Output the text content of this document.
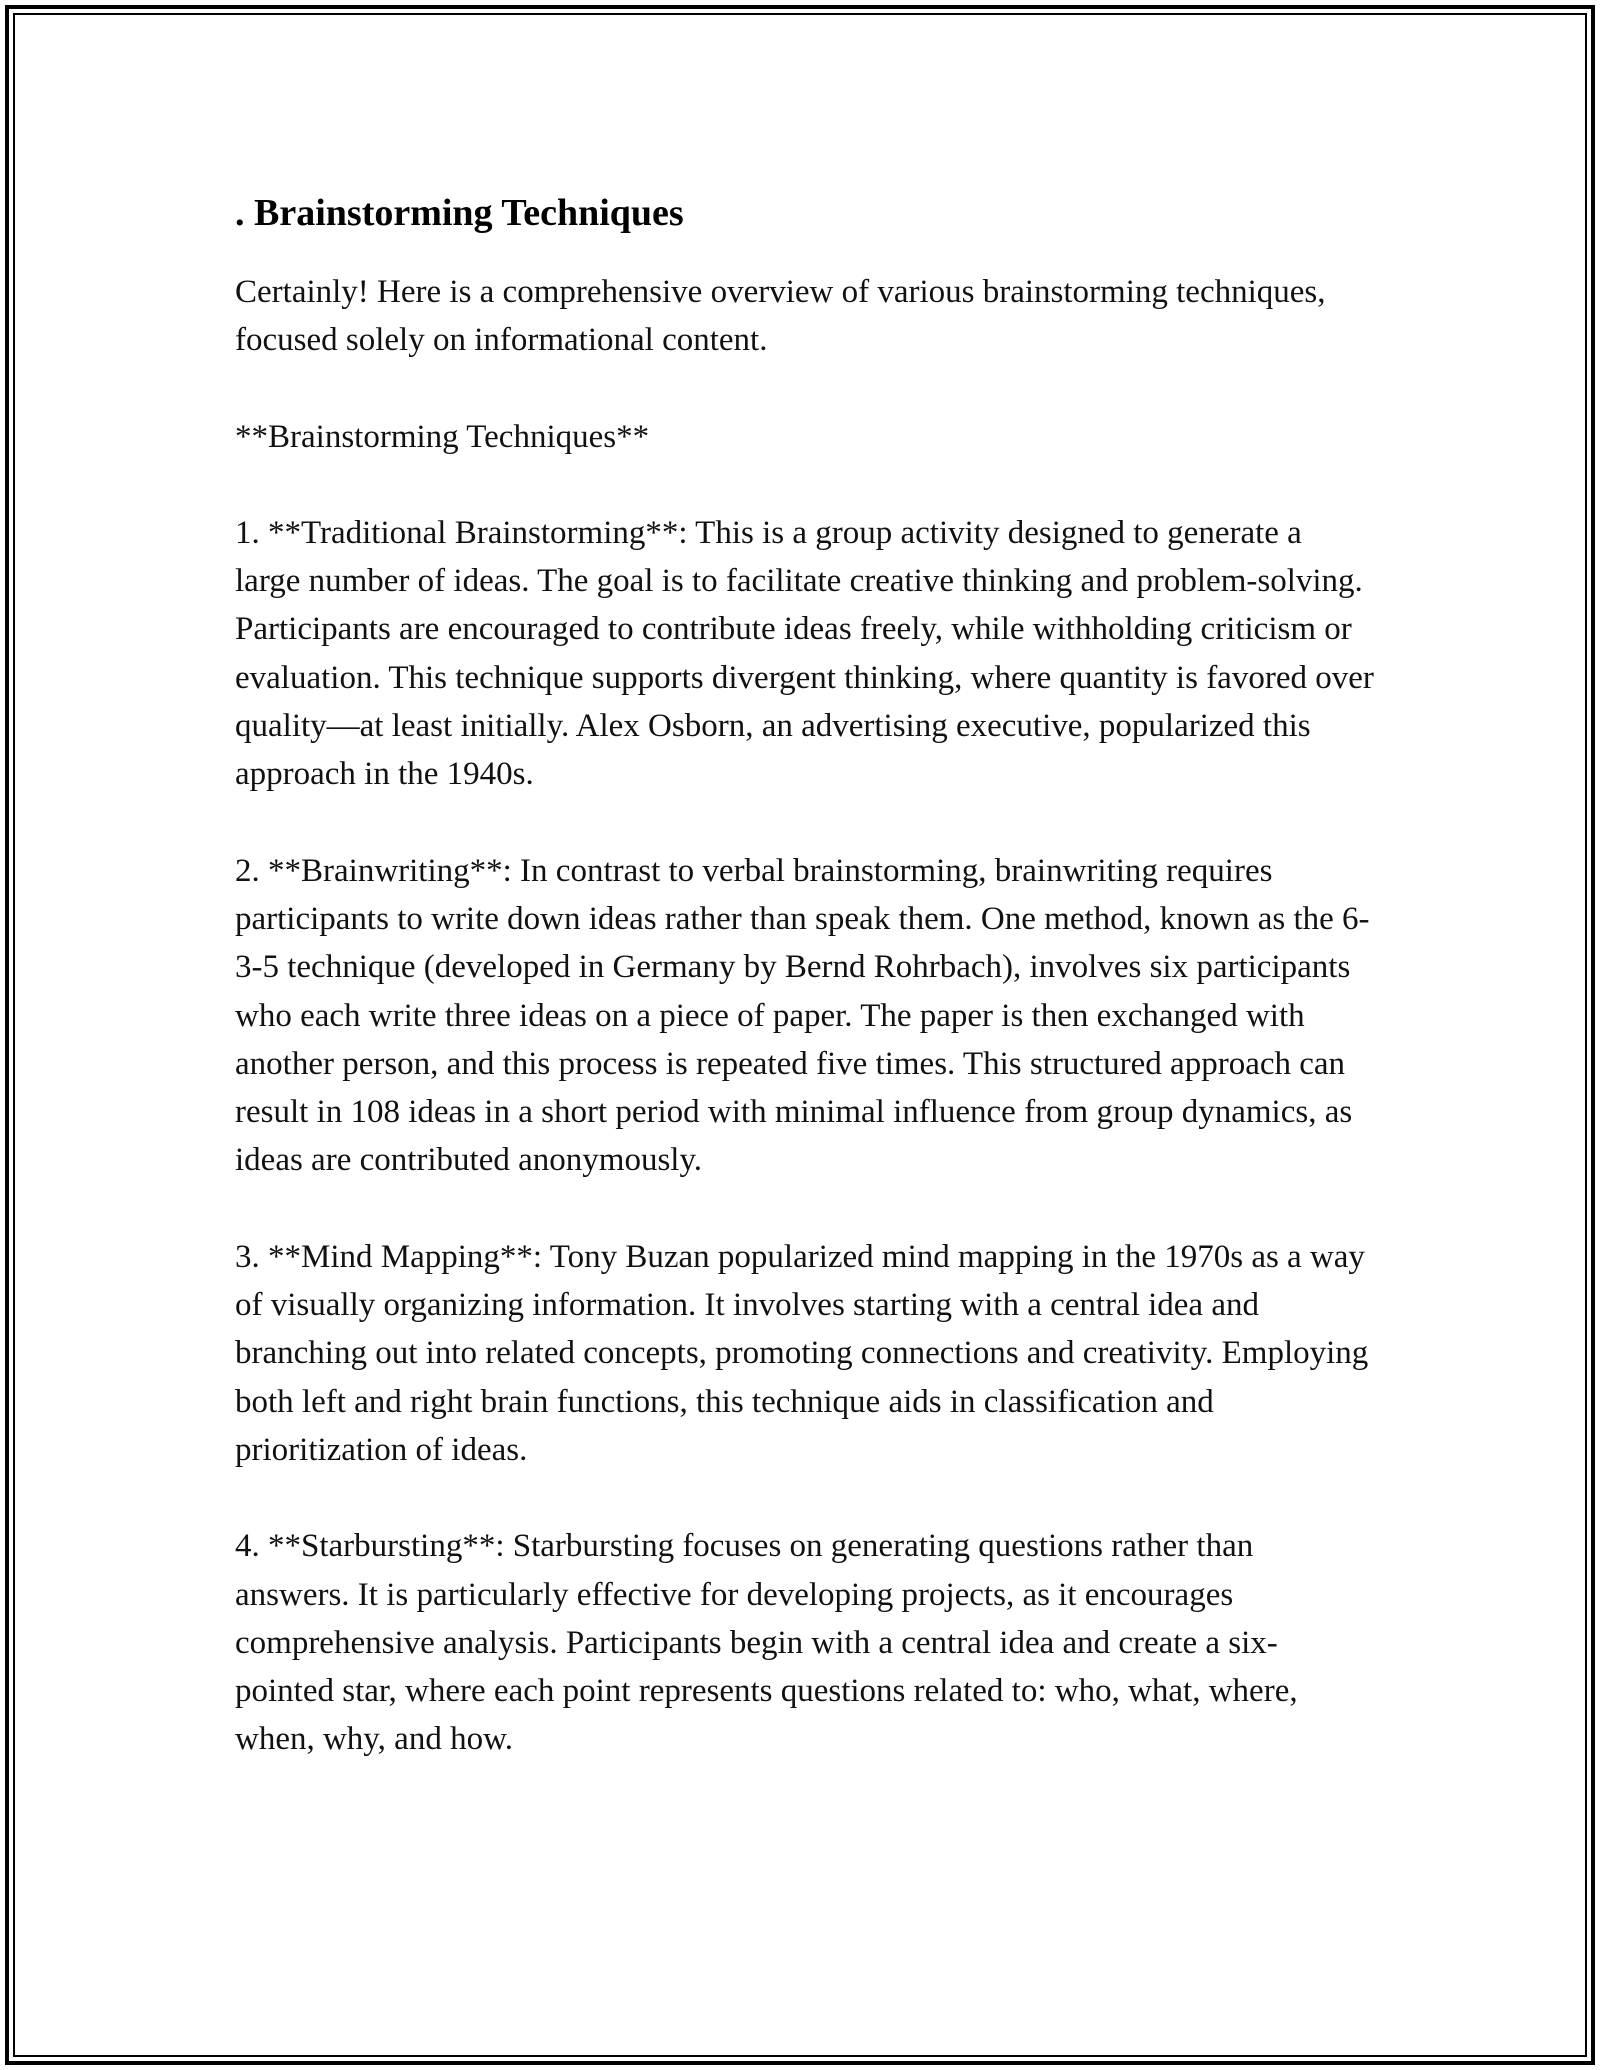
. Brainstorming Techniques

Certainly! Here is a comprehensive overview of various brainstorming techniques, focused solely on informational content.

**Brainstorming Techniques**

1. **Traditional Brainstorming**: This is a group activity designed to generate a large number of ideas. The goal is to facilitate creative thinking and problem-solving. Participants are encouraged to contribute ideas freely, while withholding criticism or evaluation. This technique supports divergent thinking, where quantity is favored over quality—at least initially. Alex Osborn, an advertising executive, popularized this approach in the 1940s.

2. **Brainwriting**: In contrast to verbal brainstorming, brainwriting requires participants to write down ideas rather than speak them. One method, known as the 6-3-5 technique (developed in Germany by Bernd Rohrbach), involves six participants who each write three ideas on a piece of paper. The paper is then exchanged with another person, and this process is repeated five times. This structured approach can result in 108 ideas in a short period with minimal influence from group dynamics, as ideas are contributed anonymously.

3. **Mind Mapping**: Tony Buzan popularized mind mapping in the 1970s as a way of visually organizing information. It involves starting with a central idea and branching out into related concepts, promoting connections and creativity. Employing both left and right brain functions, this technique aids in classification and prioritization of ideas.

4. **Starbursting**: Starbursting focuses on generating questions rather than answers. It is particularly effective for developing projects, as it encourages comprehensive analysis. Participants begin with a central idea and create a six-pointed star, where each point represents questions related to: who, what, where, when, why, and how.
